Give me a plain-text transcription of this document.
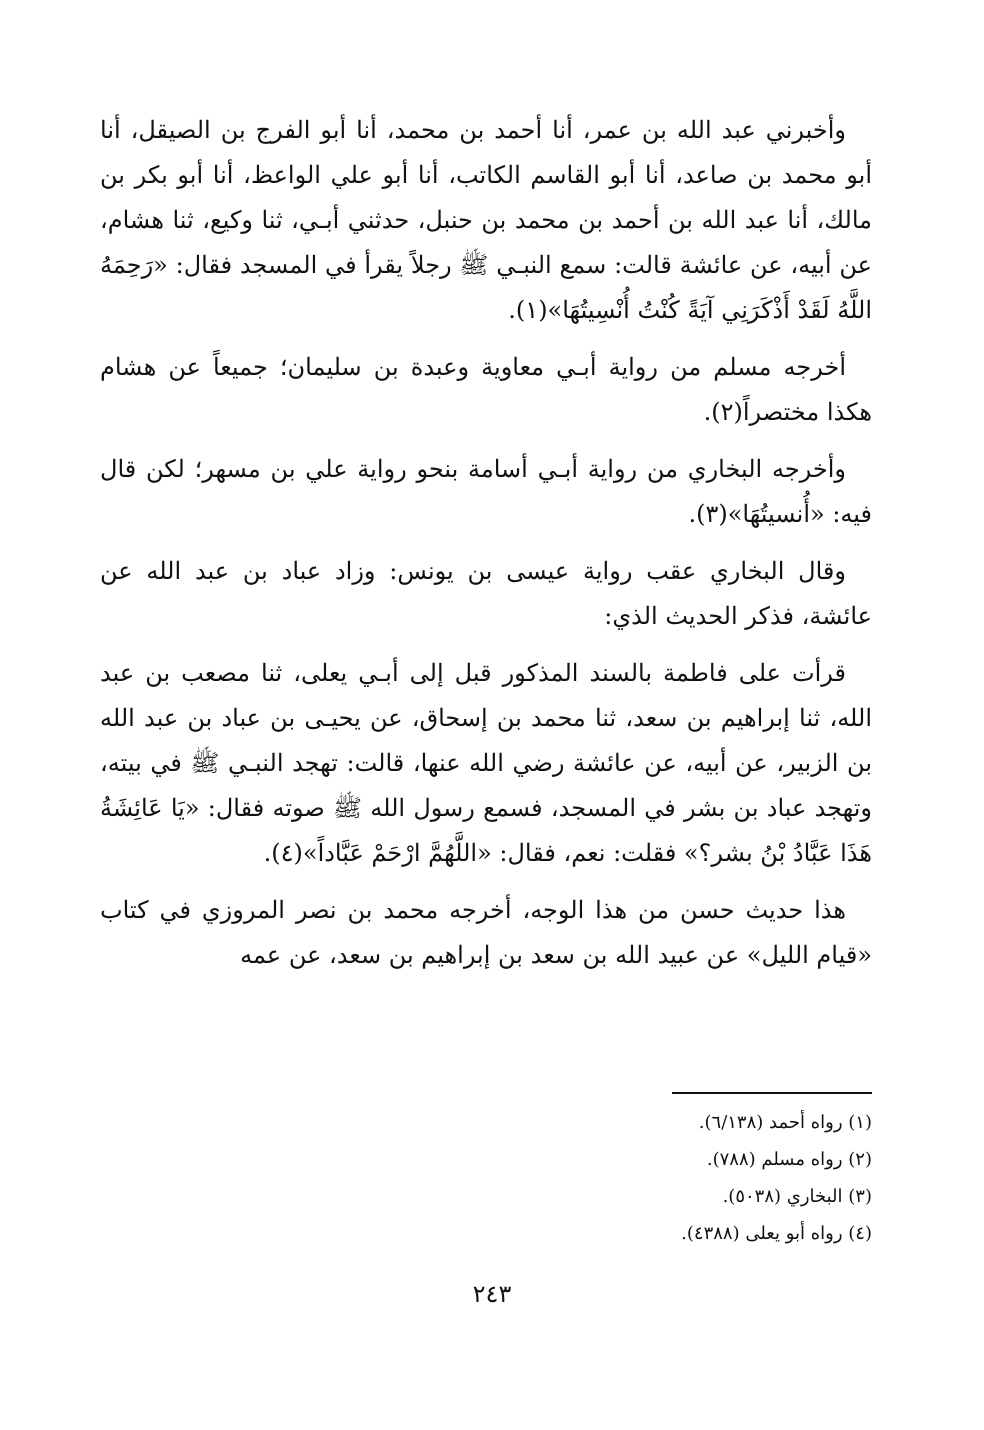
وأخبرني عبد الله بن عمر، أنا أحمد بن محمد، أنا أبو الفرج بن الصيقل، أنا أبو محمد بن صاعد، أنا أبو القاسم الكاتب، أنا أبو علي الواعظ، أنا أبو بكر بن مالك، أنا عبد الله بن أحمد بن محمد بن حنبل، حدثني أبـي، ثنا وكيع، ثنا هشام، عن أبيه، عن عائشة قالت: سمع النبـي ﷺ رجلاً يقرأ في المسجد فقال: «رَحِمَهُ اللَّهُ لَقَدْ أَذْكَرَنِي آيَةً كُنْتُ أُنْسِيتُهَا»(١).

أخرجه مسلم من رواية أبـي معاوية وعبدة بن سليمان؛ جميعاً عن هشام هكذا مختصراً(٢).

وأخرجه البخاري من رواية أبـي أسامة بنحو رواية علي بن مسهر؛ لكن قال فيه: «أُنسيتُهَا»(٣).

وقال البخاري عقب رواية عيسى بن يونس: وزاد عباد بن عبد الله عن عائشة، فذكر الحديث الذي:

قرأت على فاطمة بالسند المذكور قبل إلى أبـي يعلى، ثنا مصعب بن عبد الله، ثنا إبراهيم بن سعد، ثنا محمد بن إسحاق، عن يحيـى بن عباد بن عبد الله بن الزبير، عن أبيه، عن عائشة رضي الله عنها، قالت: تهجد النبـي ﷺ في بيته، وتهجد عباد بن بشر في المسجد، فسمع رسول الله ﷺ صوته فقال: «يَا عَائِشَةُ هَذَا عَبَّادُ بْنُ بشر؟» فقلت: نعم، فقال: «اللَّهُمَّ ارْحَمْ عَبَّاداً»(٤).

هذا حديث حسن من هذا الوجه، أخرجه محمد بن نصر المروزي في كتاب «قيام الليل» عن عبيد الله بن سعد بن إبراهيم بن سعد، عن عمه

(١) رواه أحمد (٦/١٣٨).
(٢) رواه مسلم (٧٨٨).
(٣) البخاري (٥٠٣٨).
(٤) رواه أبو يعلى (٤٣٨٨).
٢٤٣
